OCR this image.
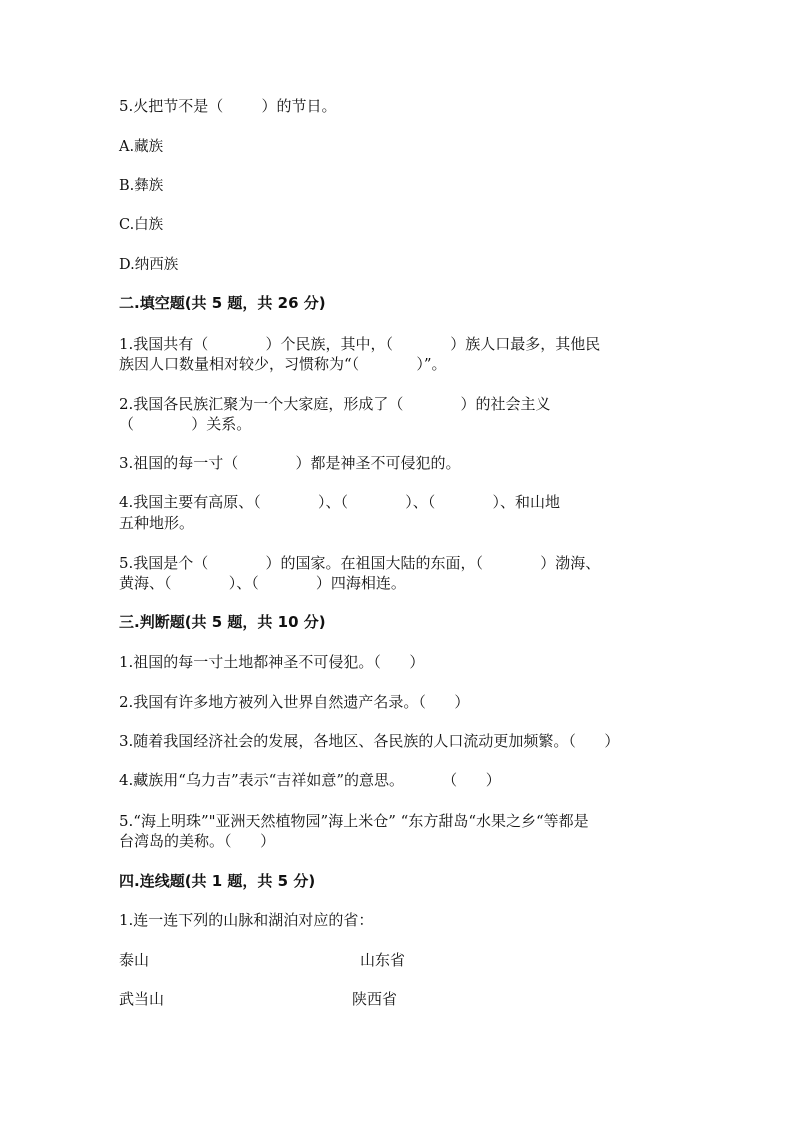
5.火把节不是（        ）的节日。
A.藏族
B.彝族
C.白族
D.纳西族
二.填空题(共 5 题，共 26 分)
1.我国共有（            ）个民族，其中，（            ）族人口最多，其他民
族因人口数量相对较少，习惯称为“（            ）”。
2.我国各民族汇聚为一个大家庭，形成了（            ）的社会主义
（            ）关系。
3.祖国的每一寸（            ）都是神圣不可侵犯的。
4.我国主要有高原、（            ）、（            ）、（            ）、和山地
五种地形。
5.我国是个（            ）的国家。在祖国大陆的东面，（            ）渤海、
黄海、（            ）、（            ）四海相连。
三.判断题(共 5 题，共 10 分)
1.祖国的每一寸土地都神圣不可侵犯。（      ）
2.我国有许多地方被列入世界自然遗产名录。（      ）
3.随着我国经济社会的发展，各地区、各民族的人口流动更加频繁。（      ）
4.藏族用“乌力吉”表示“吉祥如意”的意思。        （      ）
5.“海上明珠”"亚洲天然植物园”海上米仓” “东方甜岛“水果之乡“等都是
台湾岛的美称。（      ）
四.连线题(共 1 题，共 5 分)
1.连一连下列的山脉和湖泊对应的省：
泰山	山东省
武当山	陕西省
